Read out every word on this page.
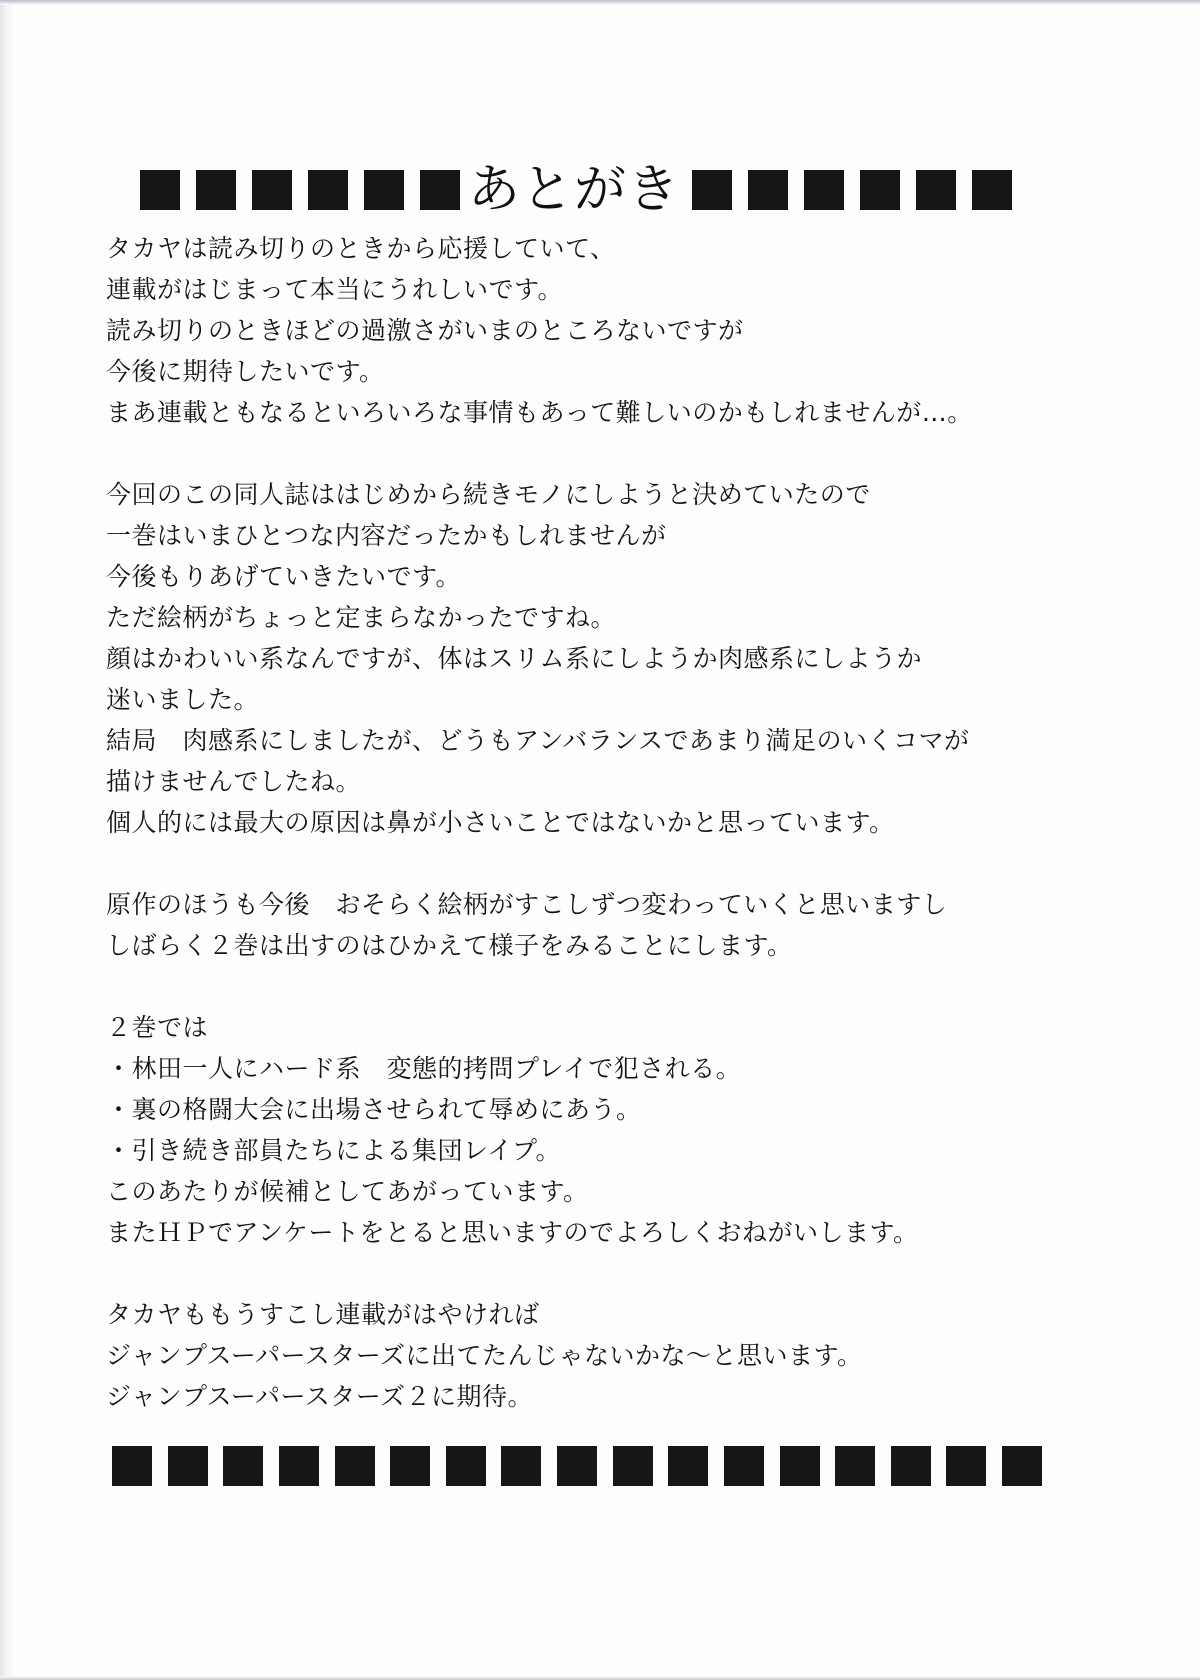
あとがき
タカヤは読み切りのときから応援していて、
連載がはじまって本当にうれしいです。
読み切りのときほどの過激さがいまのところないですが
今後に期待したいです。
まあ連載ともなるといろいろな事情もあって難しいのかもしれませんが…。
今回のこの同人誌ははじめから続きモノにしようと決めていたので
一巻はいまひとつな内容だったかもしれませんが
今後もりあげていきたいです。
ただ絵柄がちょっと定まらなかったですね。
顔はかわいい系なんですが、体はスリム系にしようか肉感系にしようか
迷いました。
結局　肉感系にしましたが、どうもアンバランスであまり満足のいくコマが
描けませんでしたね。
個人的には最大の原因は鼻が小さいことではないかと思っています。
原作のほうも今後　おそらく絵柄がすこしずつ変わっていくと思いますし
しばらく２巻は出すのはひかえて様子をみることにします。
２巻では
・林田一人にハード系　変態的拷問プレイで犯される。
・裏の格闘大会に出場させられて辱めにあう。
・引き続き部員たちによる集団レイプ。
このあたりが候補としてあがっています。
またＨＰでアンケートをとると思いますのでよろしくおねがいします。
タカヤももうすこし連載がはやければ
ジャンプスーパースターズに出てたんじゃないかな～と思います。
ジャンプスーパースターズ２に期待。
